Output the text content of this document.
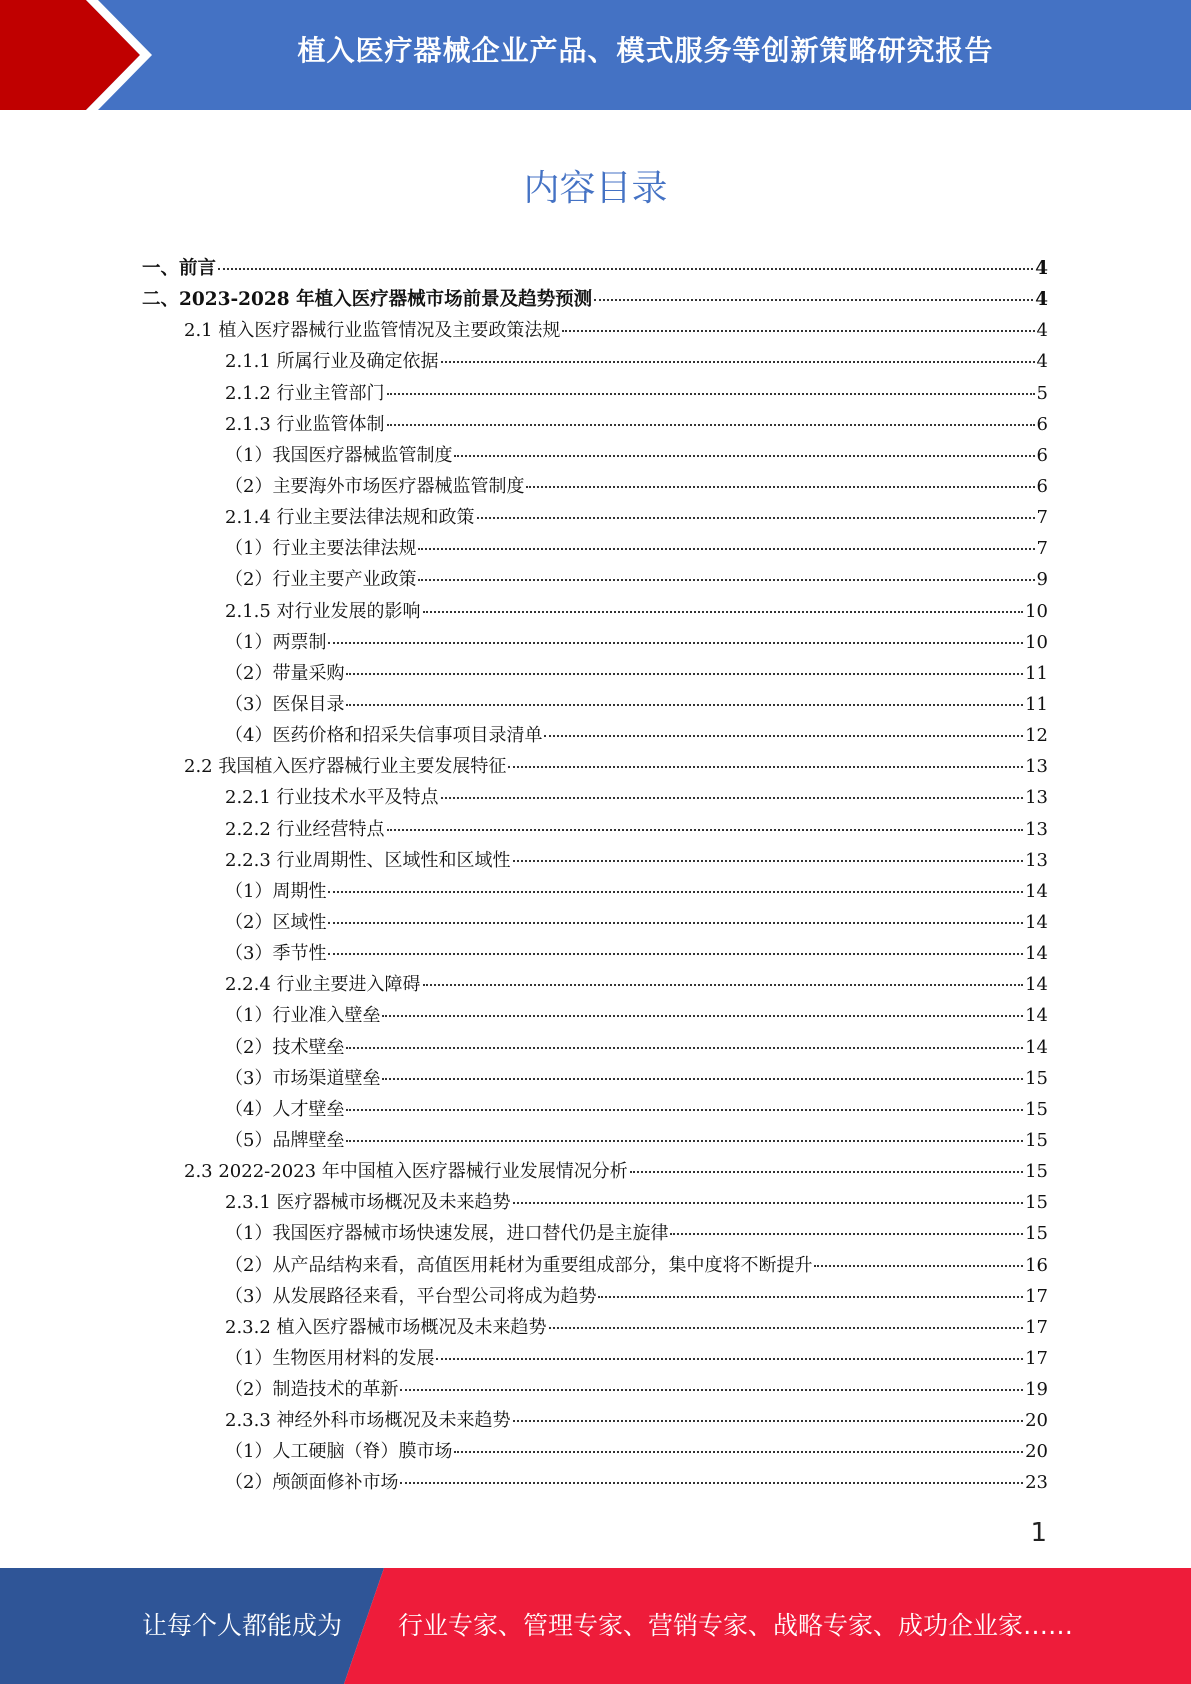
植入医疗器械企业产品、模式服务等创新策略研究报告
内容目录
一、前言	4
二、2023-2028 年植入医疗器械市场前景及趋势预测	4
2.1 植入医疗器械行业监管情况及主要政策法规	4
2.1.1 所属行业及确定依据	4
2.1.2 行业主管部门	5
2.1.3 行业监管体制	6
（1）我国医疗器械监管制度	6
（2）主要海外市场医疗器械监管制度	6
2.1.4 行业主要法律法规和政策	7
（1）行业主要法律法规	7
（2）行业主要产业政策	9
2.1.5 对行业发展的影响	10
（1）两票制	10
（2）带量采购	11
（3）医保目录	11
（4）医药价格和招采失信事项目录清单	12
2.2 我国植入医疗器械行业主要发展特征	13
2.2.1 行业技术水平及特点	13
2.2.2 行业经营特点	13
2.2.3 行业周期性、区域性和区域性	13
（1）周期性	14
（2）区域性	14
（3）季节性	14
2.2.4 行业主要进入障碍	14
（1）行业准入壁垒	14
（2）技术壁垒	14
（3）市场渠道壁垒	15
（4）人才壁垒	15
（5）品牌壁垒	15
2.3 2022-2023 年中国植入医疗器械行业发展情况分析	15
2.3.1 医疗器械市场概况及未来趋势	15
（1）我国医疗器械市场快速发展，进口替代仍是主旋律	15
（2）从产品结构来看，高值医用耗材为重要组成部分，集中度将不断提升	16
（3）从发展路径来看，平台型公司将成为趋势	17
2.3.2 植入医疗器械市场概况及未来趋势	17
（1）生物医用材料的发展	17
（2）制造技术的革新	19
2.3.3 神经外科市场概况及未来趋势	20
（1）人工硬脑（脊）膜市场	20
（2）颅颌面修补市场	23
1
让每个人都能成为 行业专家、管理专家、营销专家、战略专家、成功企业家……
